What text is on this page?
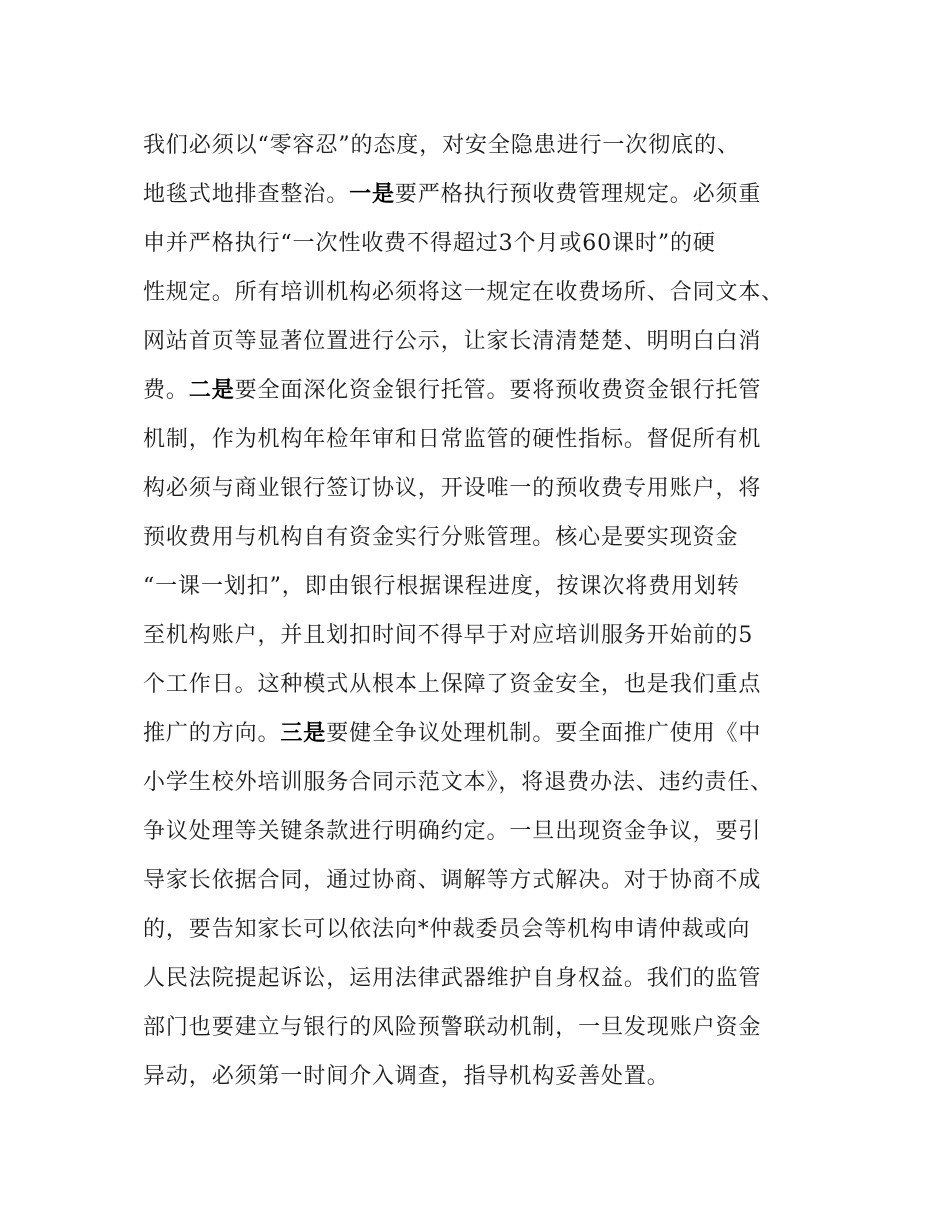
我们必须以“零容忍”的态度，对安全隐患进行一次彻底的、
地毯式地排查整治。一是要严格执行预收费管理规定。必须重
申并严格执行“一次性收费不得超过3个月或60课时”的硬
性规定。所有培训机构必须将这一规定在收费场所、合同文本、
网站首页等显著位置进行公示，让家长清清楚楚、明明白白消
费。二是要全面深化资金银行托管。要将预收费资金银行托管
机制，作为机构年检年审和日常监管的硬性指标。督促所有机
构必须与商业银行签订协议，开设唯一的预收费专用账户，将
预收费用与机构自有资金实行分账管理。核心是要实现资金
“一课一划扣”，即由银行根据课程进度，按课次将费用划转
至机构账户，并且划扣时间不得早于对应培训服务开始前的5
个工作日。这种模式从根本上保障了资金安全，也是我们重点
推广的方向。三是要健全争议处理机制。要全面推广使用《中
小学生校外培训服务合同示范文本》，将退费办法、违约责任、
争议处理等关键条款进行明确约定。一旦出现资金争议，要引
导家长依据合同，通过协商、调解等方式解决。对于协商不成
的，要告知家长可以依法向*仲裁委员会等机构申请仲裁或向
人民法院提起诉讼，运用法律武器维护自身权益。我们的监管
部门也要建立与银行的风险预警联动机制，一旦发现账户资金
异动，必须第一时间介入调查，指导机构妥善处置。
